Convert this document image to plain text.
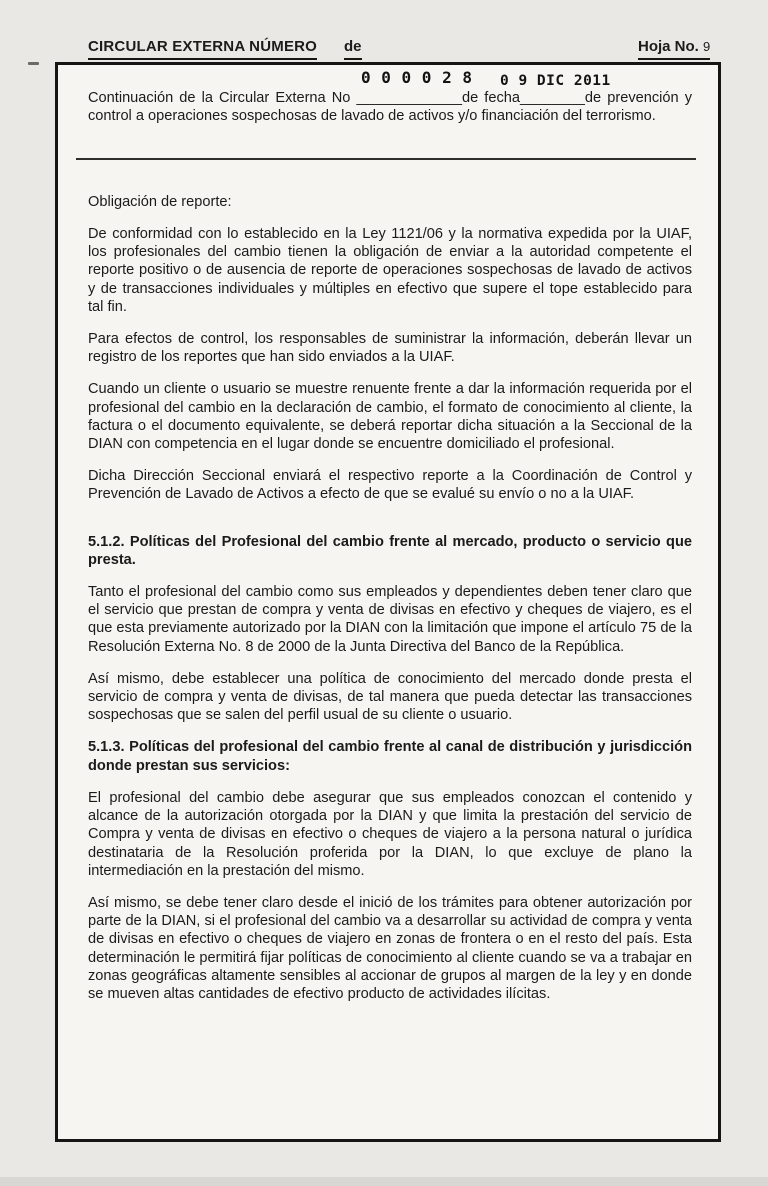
CIRCULAR EXTERNA NÚMERO de	Hoja No. 9
0 0 0 0 2 8 0 9 DIC 2011

Continuación de la Circular Externa No _____________de fecha________de prevención y control a operaciones sospechosas de lavado de activos y/o financiación del terrorismo.

Obligación de reporte:

De conformidad con lo establecido en la Ley 1121/06 y la normativa expedida por la UIAF, los profesionales del cambio tienen la obligación de enviar a la autoridad competente el reporte positivo o de ausencia de reporte de operaciones sospechosas de lavado de activos y de transacciones individuales y múltiples en efectivo que supere el tope establecido para tal fin.

Para efectos de control, los responsables de suministrar la información, deberán llevar un registro de los reportes que han sido enviados a la UIAF.

Cuando un cliente o usuario se muestre renuente frente a dar la información requerida por el profesional del cambio en la declaración de cambio, el formato de conocimiento al cliente, la factura o el documento equivalente, se deberá reportar dicha situación a la Seccional de la DIAN con competencia en el lugar donde se encuentre domiciliado el profesional.

Dicha Dirección Seccional enviará el respectivo reporte a la Coordinación de Control y Prevención de Lavado de Activos a efecto de que se evalué su envío o no a la UIAF.

5.1.2. Políticas del Profesional del cambio frente al mercado, producto o servicio que presta.

Tanto el profesional del cambio como sus empleados y dependientes deben tener claro que el servicio que prestan de compra y venta de divisas en efectivo y cheques de viajero, es el que esta previamente autorizado por la DIAN con la limitación que impone el artículo 75 de la Resolución Externa No. 8 de 2000 de la Junta Directiva del Banco de la República.

Así mismo, debe establecer una política de conocimiento del mercado donde presta el servicio de compra y venta de divisas, de tal manera que pueda detectar las transacciones sospechosas que se salen del perfil usual de su cliente o usuario.

5.1.3. Políticas del profesional del cambio frente al canal de distribución y jurisdicción donde prestan sus servicios:

El profesional del cambio debe asegurar que sus empleados conozcan el contenido y alcance de la autorización otorgada por la DIAN y que limita la prestación del servicio de Compra y venta de divisas en efectivo o cheques de viajero a la persona natural o jurídica destinataria de la Resolución proferida por la DIAN, lo que excluye de plano la intermediación en la prestación del mismo.

Así mismo, se debe tener claro desde el inició de los trámites para obtener autorización por parte de la DIAN, si el profesional del cambio va a desarrollar su actividad de compra y venta de divisas en efectivo o cheques de viajero en zonas de frontera o en el resto del país. Esta determinación le permitirá fijar políticas de conocimiento al cliente cuando se va a trabajar en zonas geográficas altamente sensibles al accionar de grupos al margen de la ley y en donde se mueven altas cantidades de efectivo producto de actividades ilícitas.
